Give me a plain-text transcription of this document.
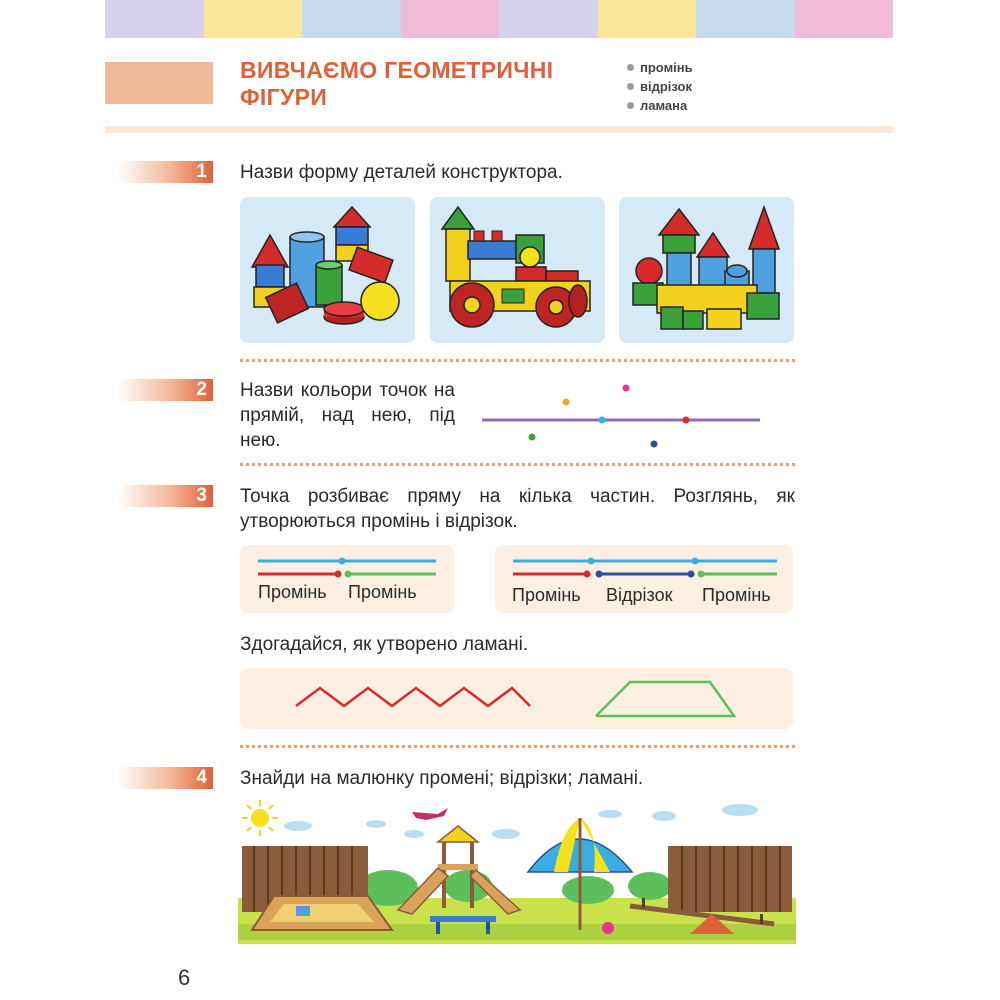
ВИВЧАЄМО ГЕОМЕТРИЧНІ ФІГУРИ
промінь
відрізок
ламана
1	Назви форму деталей конструктора.
2	Назви кольори точок на прямій, над нею, під нею.
3	Точка розбиває пряму на кілька частин. Розглянь, як утворюються промінь і відрізок.
Промінь Промінь	Промінь Відрізок Промінь
Здогадайся, як утворено ламані.
4	Знайди на малюнку промені; відрізки; ламані.
6
